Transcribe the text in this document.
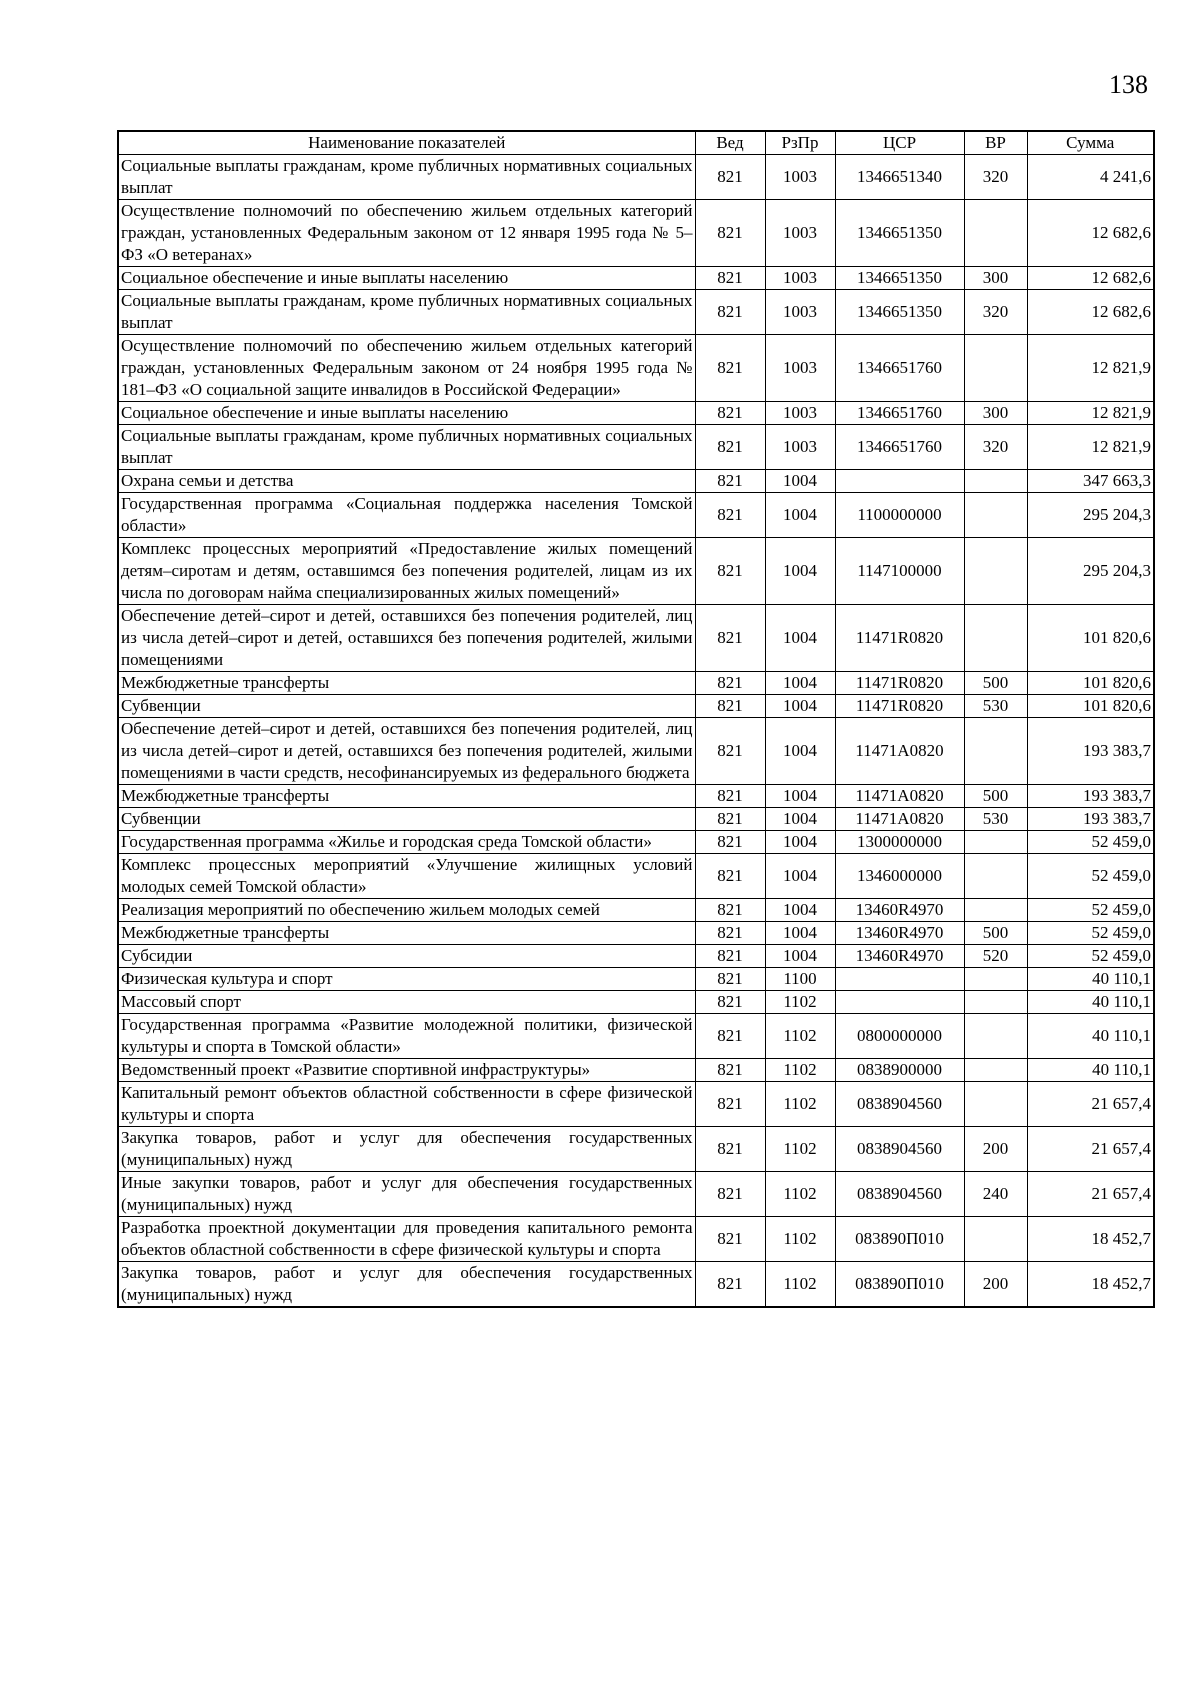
138
Наименование показателей	Вед	РзПр	ЦСР	ВР	Сумма
Социальные выплаты гражданам, кроме публичных нормативных социальных выплат	821	1003	1346651340	320	4 241,6
Осуществление полномочий по обеспечению жильем отдельных категорий граждан, установленных Федеральным законом от 12 января 1995 года № 5–ФЗ «О ветеранах»	821	1003	1346651350		12 682,6
Социальное обеспечение и иные выплаты населению	821	1003	1346651350	300	12 682,6
Социальные выплаты гражданам, кроме публичных нормативных социальных выплат	821	1003	1346651350	320	12 682,6
Осуществление полномочий по обеспечению жильем отдельных категорий граждан, установленных Федеральным законом от 24 ноября 1995 года № 181–ФЗ «О социальной защите инвалидов в Российской Федерации»	821	1003	1346651760		12 821,9
Социальное обеспечение и иные выплаты населению	821	1003	1346651760	300	12 821,9
Социальные выплаты гражданам, кроме публичных нормативных социальных выплат	821	1003	1346651760	320	12 821,9
Охрана семьи и детства	821	1004			347 663,3
Государственная программа «Социальная поддержка населения Томской области»	821	1004	1100000000		295 204,3
Комплекс процессных мероприятий «Предоставление жилых помещений детям–сиротам и детям, оставшимся без попечения родителей, лицам из их числа по договорам найма специализированных жилых помещений»	821	1004	1147100000		295 204,3
Обеспечение детей–сирот и детей, оставшихся без попечения родителей, лиц из числа детей–сирот и детей, оставшихся без попечения родителей, жилыми помещениями	821	1004	11471R0820		101 820,6
Межбюджетные трансферты	821	1004	11471R0820	500	101 820,6
Субвенции	821	1004	11471R0820	530	101 820,6
Обеспечение детей–сирот и детей, оставшихся без попечения родителей, лиц из числа детей–сирот и детей, оставшихся без попечения родителей, жилыми помещениями в части средств, несофинансируемых из федерального бюджета	821	1004	11471А0820		193 383,7
Межбюджетные трансферты	821	1004	11471А0820	500	193 383,7
Субвенции	821	1004	11471А0820	530	193 383,7
Государственная программа «Жилье и городская среда Томской области»	821	1004	1300000000		52 459,0
Комплекс процессных мероприятий «Улучшение жилищных условий молодых семей Томской области»	821	1004	1346000000		52 459,0
Реализация мероприятий по обеспечению жильем молодых семей	821	1004	13460R4970		52 459,0
Межбюджетные трансферты	821	1004	13460R4970	500	52 459,0
Субсидии	821	1004	13460R4970	520	52 459,0
Физическая культура и спорт	821	1100			40 110,1
Массовый спорт	821	1102			40 110,1
Государственная программа «Развитие молодежной политики, физической культуры и спорта в Томской области»	821	1102	0800000000		40 110,1
Ведомственный проект «Развитие спортивной инфраструктуры»	821	1102	0838900000		40 110,1
Капитальный ремонт объектов областной собственности в сфере физической культуры и спорта	821	1102	0838904560		21 657,4
Закупка товаров, работ и услуг для обеспечения государственных (муниципальных) нужд	821	1102	0838904560	200	21 657,4
Иные закупки товаров, работ и услуг для обеспечения государственных (муниципальных) нужд	821	1102	0838904560	240	21 657,4
Разработка проектной документации для проведения капитального ремонта объектов областной собственности в сфере физической культуры и спорта	821	1102	083890П010		18 452,7
Закупка товаров, работ и услуг для обеспечения государственных (муниципальных) нужд	821	1102	083890П010	200	18 452,7
